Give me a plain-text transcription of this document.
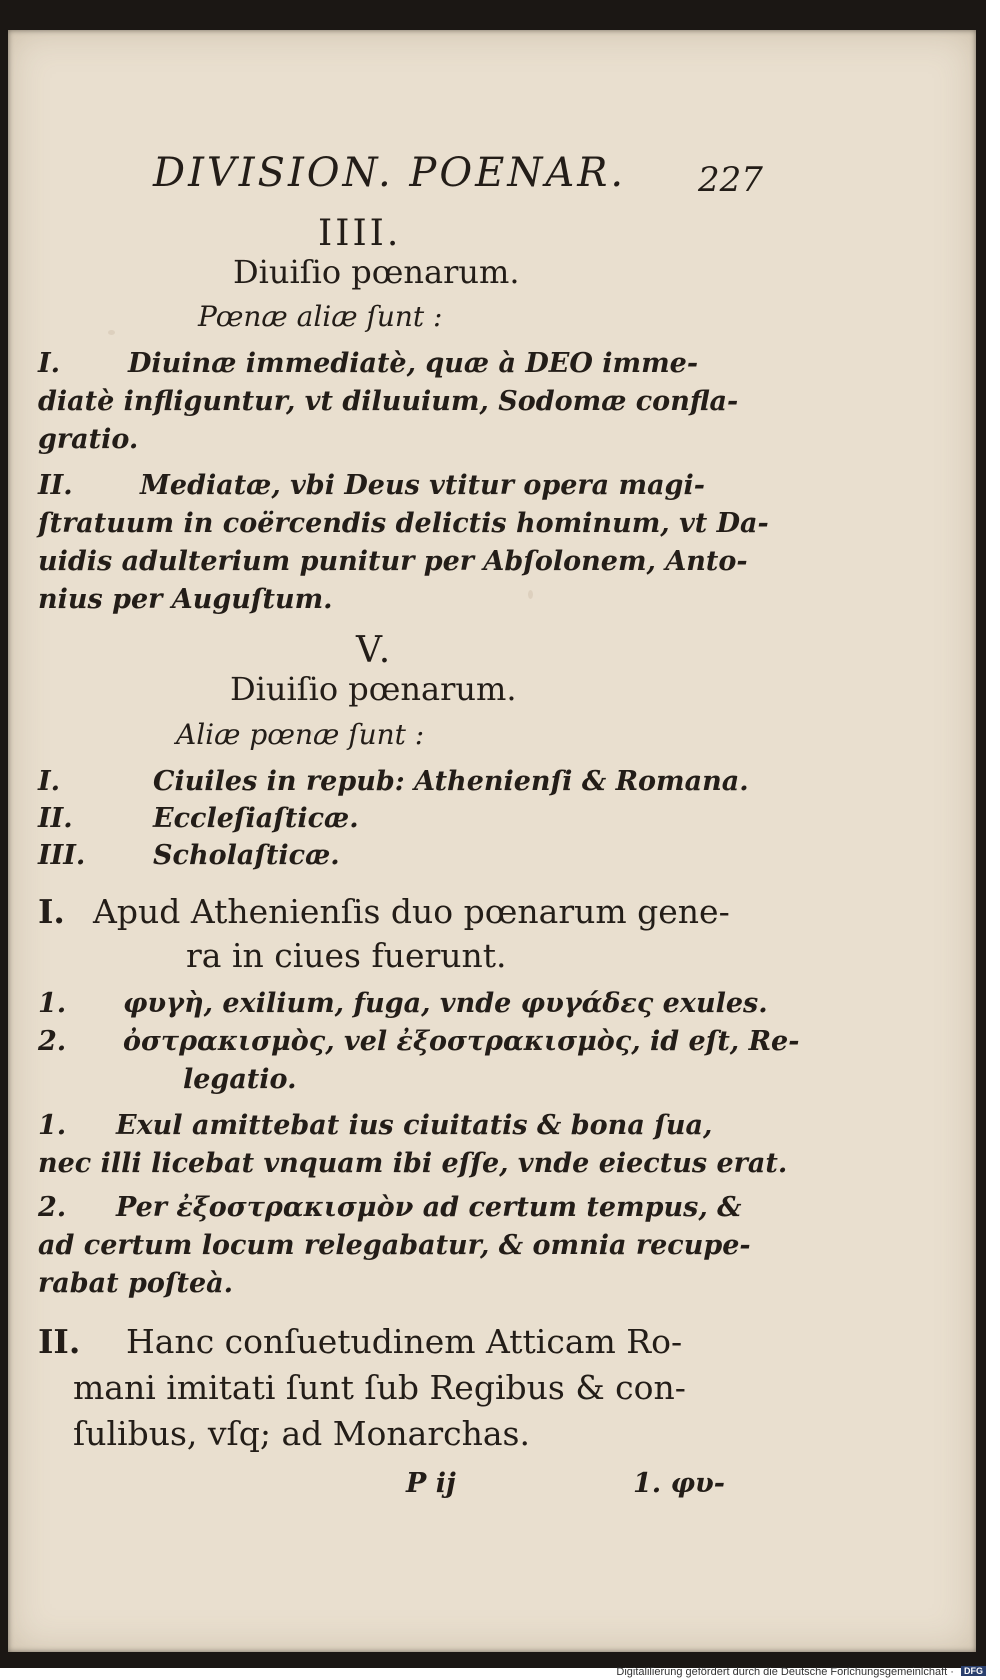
DIVISION. POENAR. 227
IIII.
Diuiſio pœnarum.
Pœnæ aliæ ſunt :
I.	Diuinæ immediatè, quæ à DEO imme-
diatè infliguntur, vt diluuium, Sodomæ confla-
gratio.
II. Mediatæ, vbi Deus vtitur opera magi-
ſtratuum in coërcendis delictis hominum, vt Da-
uidis adulterium punitur per Abſolonem, Anto-
nius per Auguſtum.
V.
Diuiſio pœnarum.
Aliæ pœnæ ſunt :
I.	Ciuiles in repub: Athenienſi & Romana.
II.	Eccleſiaſticæ.
III.	Scholaſticæ.
I. Apud Athenienſis duo pœnarum gene-
ra in ciues fuerunt.
1. φυγὴ, exilium, fuga, vnde φυγάδες exules.
2. ὀστρακισμὸς, vel ἐξοστρακισμὸς, id eſt, Re-
legatio.
1. Exul amittebat ius ciuitatis & bona ſua,
nec illi licebat vnquam ibi eſſe, vnde eiectus erat.
2. Per ἐξοστρακισμὸν ad certum tempus, &
ad certum locum relegabatur, & omnia recupe-
rabat poſteà.
II. Hanc conſuetudinem Atticam Ro-
mani imitati ſunt ſub Regibus & con-
ſulibus, vſq; ad Monarchas.
P ij	1. φυ-
Digitaliſierung gefördert durch die Deutsche Forſchungsgemeinſchaft · DFG
